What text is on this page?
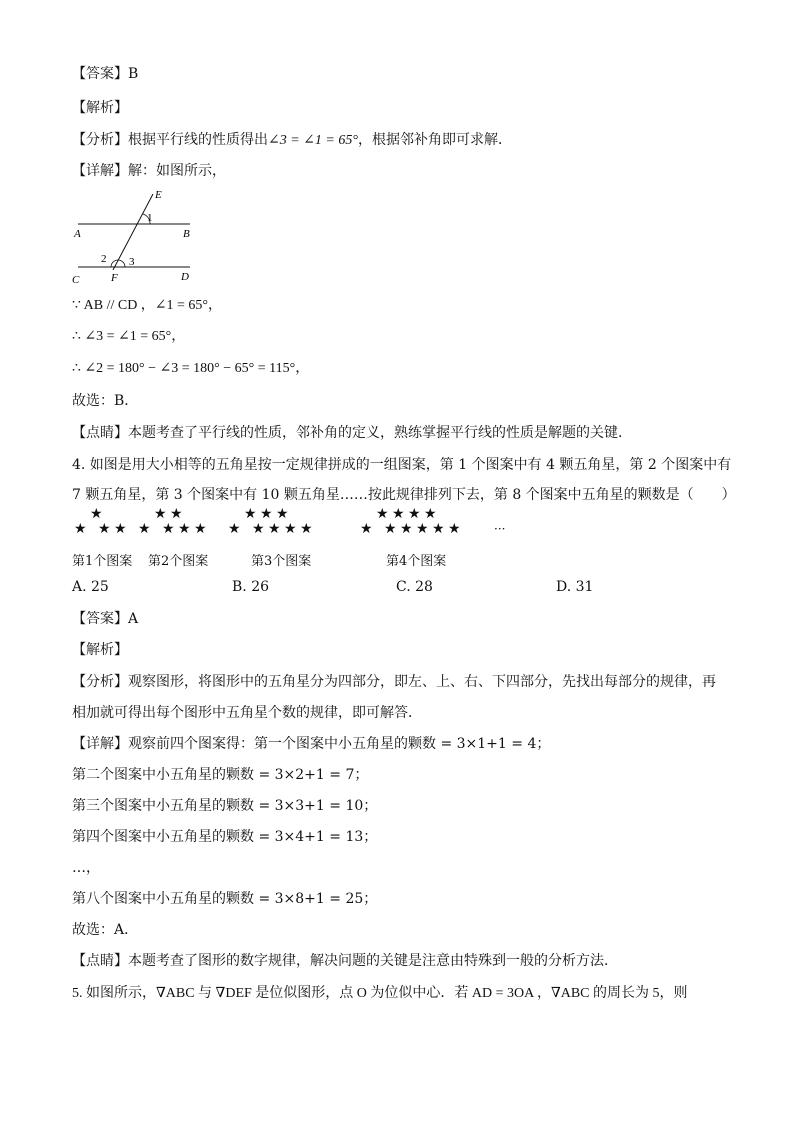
【答案】B
【解析】
【分析】根据平行线的性质得出∠3 = ∠1 = 65°，根据邻补角即可求解．
【详解】解：如图所示，
E
1
A	B
2 3
F
C	D
∵ AB // CD ，∠1 = 65°，
∴ ∠3 = ∠1 = 65°，
∴ ∠2 = 180° − ∠3 = 180° − 65° = 115°，
故选：B．
【点睛】本题考查了平行线的性质，邻补角的定义，熟练掌握平行线的性质是解题的关键．
4. 如图是用大小相等的五角星按一定规律拼成的一组图案，第 1 个图案中有 4 颗五角星，第 2 个图案中有
7 颗五角星，第 3 个图案中有 10 颗五角星……按此规律排列下去，第 8 个图案中五角星的颗数是（　　）
★
★
★ ★ ★
★
★
★
★ ★ ★
★
★
★
★
★
★ ★	★
★
★
★
★
★
★
★
★ ★	···
第1个图案 第2个图案	第3个图案	第4个图案
A. 25	B. 26	C. 28	D. 31
【答案】A
【解析】
【分析】观察图形，将图形中的五角星分为四部分，即左、上、右、下四部分，先找出每部分的规律，再
相加就可得出每个图形中五角星个数的规律，即可解答．
【详解】观察前四个图案得：第一个图案中小五角星的颗数 = 3×1+1 = 4；
第二个图案中小五角星的颗数 = 3×2+1 = 7；
第三个图案中小五角星的颗数 = 3×3+1 = 10；
第四个图案中小五角星的颗数 = 3×4+1 = 13；
…，
第八个图案中小五角星的颗数 = 3×8+1 = 25；
故选：A．
【点睛】本题考查了图形的数字规律，解决问题的关键是注意由特殊到一般的分析方法．
5. 如图所示，∇ABC 与 ∇DEF 是位似图形，点 O 为位似中心．若 AD = 3OA ，∇ABC 的周长为 5，则
